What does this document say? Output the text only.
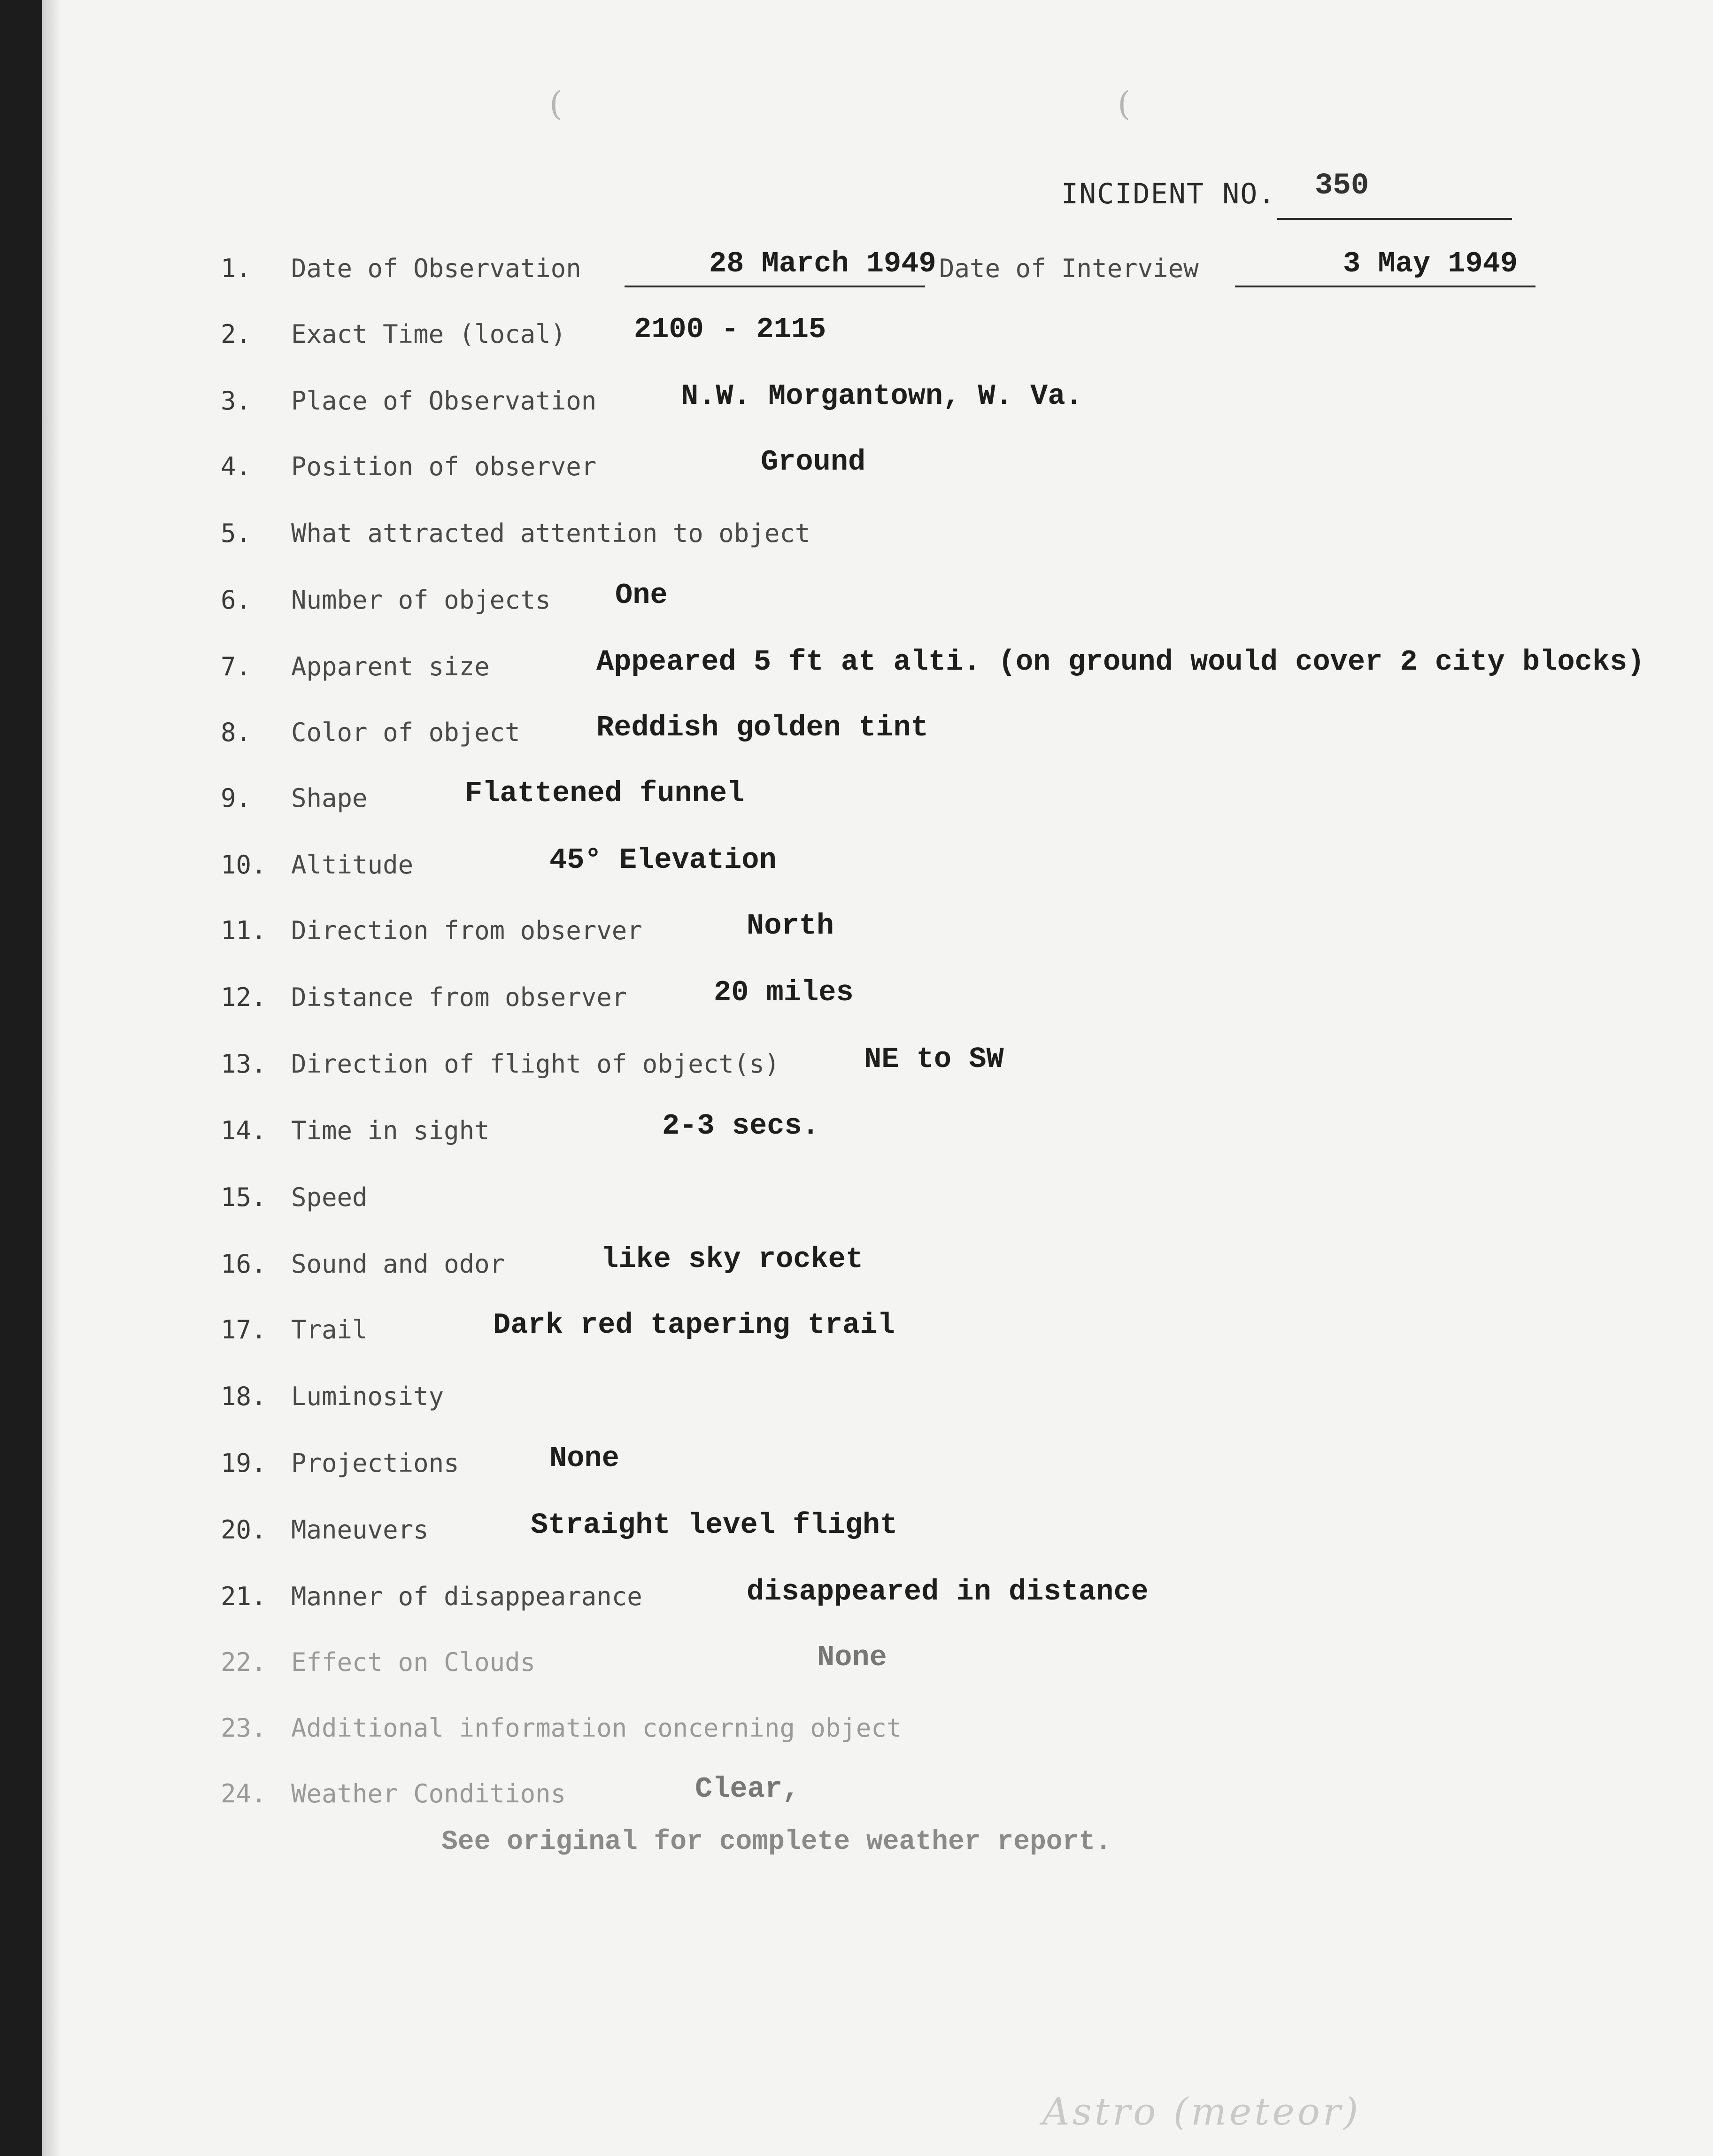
(	(
INCIDENT NO.	350
1. Date of Observation	28 March 1949 Date of Interview	3 May 1949
2. Exact Time (local) 2100 - 2115
3. Place of Observation	N.W. Morgantown, W. Va.
4. Position of observer	Ground
5. What attracted attention to object
6. Number of objects One
7. Apparent size	Appeared 5 ft at alti. (on ground would cover 2 city blocks)
8. Color of object	Reddish golden tint
9. Shape	Flattened funnel
10. Altitude	45° Elevation
11. Direction from observer	North
12. Distance from observer	20 miles
13. Direction of flight of object(s)	NE to SW
14. Time in sight	2-3 secs.
15. Speed
16. Sound and odor	like sky rocket
17. Trail	Dark red tapering trail
18. Luminosity
19. Projections	None
20. Maneuvers	Straight level flight
21. Manner of disappearance	disappeared in distance
22. Effect on Clouds	None
23. Additional information concerning object
24. Weather Conditions	Clear,
See original for complete weather report.
Astro (meteor)
